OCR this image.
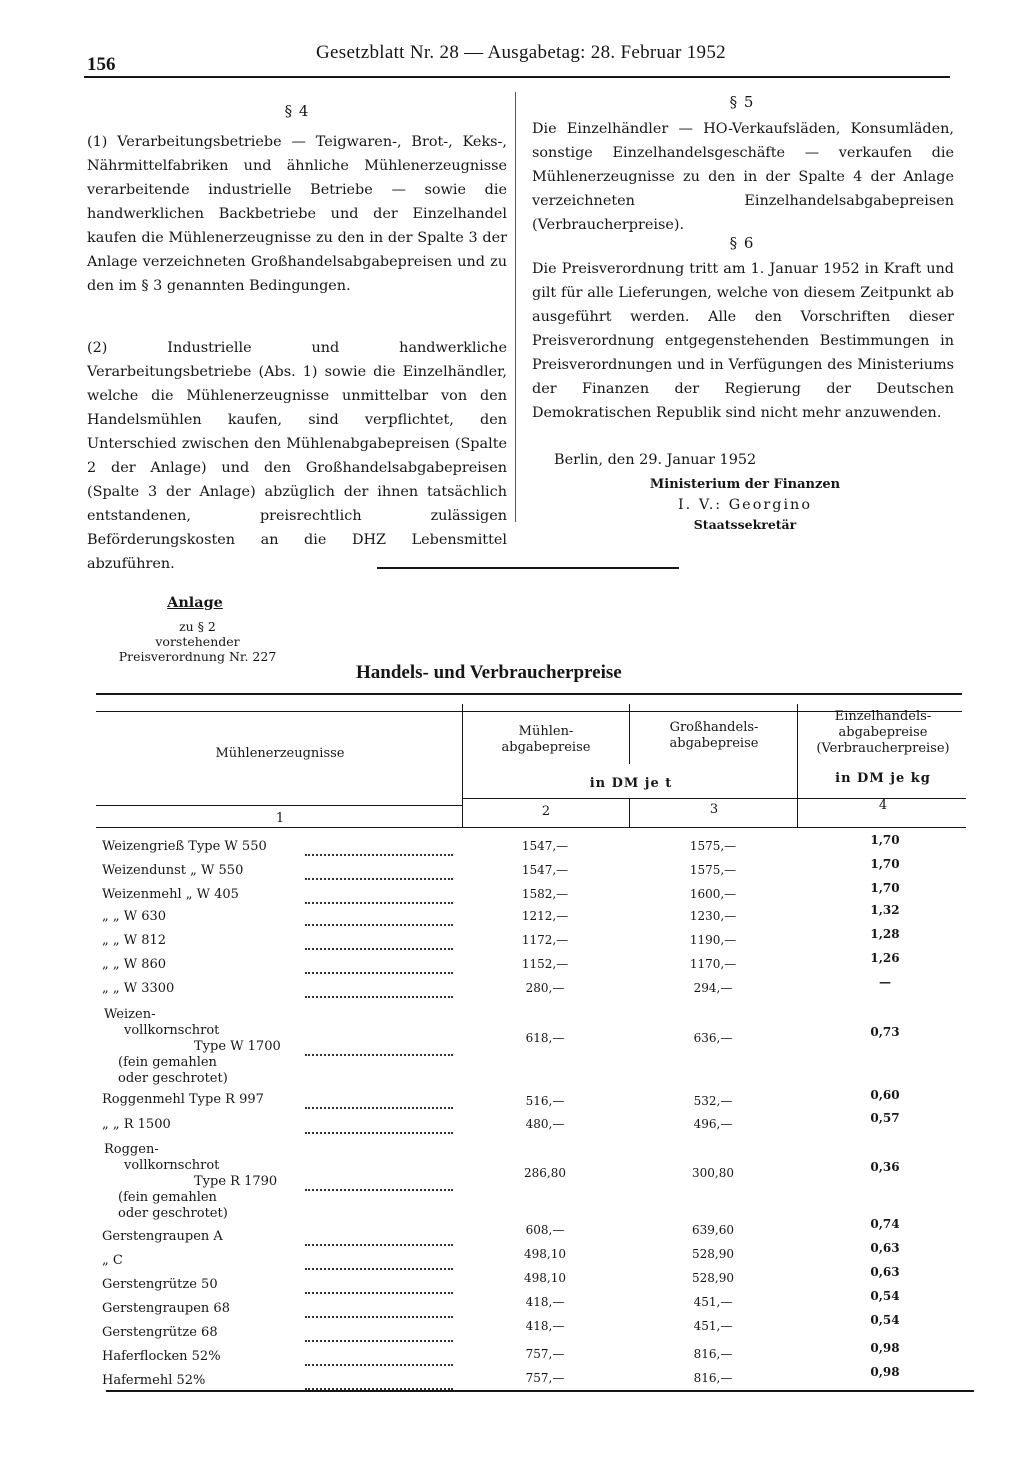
156
Gesetzblatt Nr. 28 — Ausgabetag: 28. Februar 1952
§ 4

(1) Verarbeitungsbetriebe — Teigwaren-, Brot-, Keks-, Nährmittelfabriken und ähnliche Mühlenerzeugnisse verarbeitende industrielle Betriebe — sowie die handwerklichen Backbetriebe und der Einzelhandel kaufen die Mühlenerzeugnisse zu den in der Spalte 3 der Anlage verzeichneten Großhandelsabgabepreisen und zu den im § 3 genannten Bedingungen.

(2) Industrielle und handwerkliche Verarbeitungsbetriebe (Abs. 1) sowie die Einzelhändler, welche die Mühlenerzeugnisse unmittelbar von den Handelsmühlen kaufen, sind verpflichtet, den Unterschied zwischen den Mühlenabgabepreisen (Spalte 2 der Anlage) und den Großhandelsabgabepreisen (Spalte 3 der Anlage) abzüglich der ihnen tatsächlich entstandenen, preisrechtlich zulässigen Beförderungskosten an die DHZ Lebensmittel abzuführen.

§ 5

Die Einzelhändler — HO-Verkaufsläden, Konsumläden, sonstige Einzelhandelsgeschäfte — verkaufen die Mühlenerzeugnisse zu den in der Spalte 4 der Anlage verzeichneten Einzelhandelsabgabepreisen (Verbraucherpreise).

§ 6

Die Preisverordnung tritt am 1. Januar 1952 in Kraft und gilt für alle Lieferungen, welche von diesem Zeitpunkt ab ausgeführt werden. Alle den Vorschriften dieser Preisverordnung entgegenstehenden Bestimmungen in Preisverordnungen und in Verfügungen des Ministeriums der Finanzen der Regierung der Deutschen Demokratischen Republik sind nicht mehr anzuwenden.

Berlin, den 29. Januar 1952
Ministerium der Finanzen
I. V.: Georgino
Staatssekretär
Anlage
zu § 2
vorstehender
Preisverordnung Nr. 227
Handels- und Verbraucherpreise
Mühlenerzeugnisse
Mühlen-
abgabepreise
Großhandels-
abgabepreise
Einzelhandels-
abgabepreise
(Verbraucherpreise)
in DM je t	in DM je kg
1	2	3	4
Weizengrieß Type W 550	1547,—	1575,—	1,70
Weizendunst „ W 550	1547,—	1575,—	1,70
Weizenmehl „ W 405	1582,—	1600,—	1,70
„ „ W 630	1212,—	1230,—	1,32
„ „ W 812	1172,—	1190,—	1,28
„ „ W 860	1152,—	1170,—	1,26
„ „ W 3300	280,—	294,—	—
Weizen-
vollkornschrot
Type W 1700
(fein gemahlen
oder geschrotet)
618,—	636,—	0,73
Roggenmehl Type R 997	516,—	532,—	0,60
„ „ R 1500	480,—	496,—	0,57
Roggen-
vollkornschrot
Type R 1790
(fein gemahlen
oder geschrotet)
286,80	300,80	0,36
Gerstengraupen A	608,—	639,60	0,74
„ C	498,10	528,90	0,63
Gerstengrütze 50	498,10	528,90	0,63
Gerstengraupen 68	418,—	451,—	0,54
Gerstengrütze 68	418,—	451,—	0,54
Haferflocken 52%	757,—	816,—	0,98
Hafermehl 52%	757,—	816,—	0,98
